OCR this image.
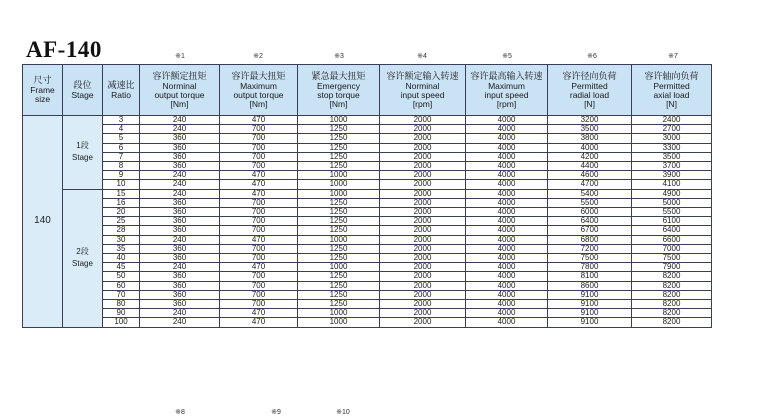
AF-140	※1	※2	※3	※4	※5	※6	※7
尺寸
Frame
size	段位
Stage	减速比
Ratio	容许额定扭矩
Norminal
output torque
[Nm]	容许最大扭矩
Maximum
output torque
[Nm]	紧急最大扭矩
Emergency
stop torque
[Nm]	容许额定输入转速
Norminal
input speed
[rpm]	容许最高输入转速
Maximum
input speed
[rpm]	容许径向负荷
Permitted
radial load
[N]	容许轴向负荷
Permitted
axial load
[N]

140	1段
Stage	3	240	470	1000	2000	4000	3200	2400
		4	240	700	1250	2000	4000	3500	2700
		5	360	700	1250	2000	4000	3800	3000
		6	360	700	1250	2000	4000	4000	3300
		7	360	700	1250	2000	4000	4200	3500
		8	360	700	1250	2000	4000	4400	3700
		9	240	470	1000	2000	4000	4600	3900
		10	240	470	1000	2000	4000	4700	4100

	2段
Stage	15	240	470	1000	2000	4000	5400	4900
		16	360	700	1250	2000	4000	5500	5000
		20	360	700	1250	2000	4000	6000	5500
		25	360	700	1250	2000	4000	6400	6100
		28	360	700	1250	2000	4000	6700	6400
		30	240	470	1000	2000	4000	6800	6600
		35	360	700	1250	2000	4000	7200	7000
		40	360	700	1250	2000	4000	7500	7500
		45	240	470	1000	2000	4000	7800	7900
		50	360	700	1250	2000	4000	8100	8200
		60	360	700	1250	2000	4000	8600	8200
		70	360	700	1250	2000	4000	9100	8200
		80	360	700	1250	2000	4000	9100	8200
		90	240	470	1000	2000	4000	9100	8200
		100	240	470	1000	2000	4000	9100	8200
※8	※9	※10
